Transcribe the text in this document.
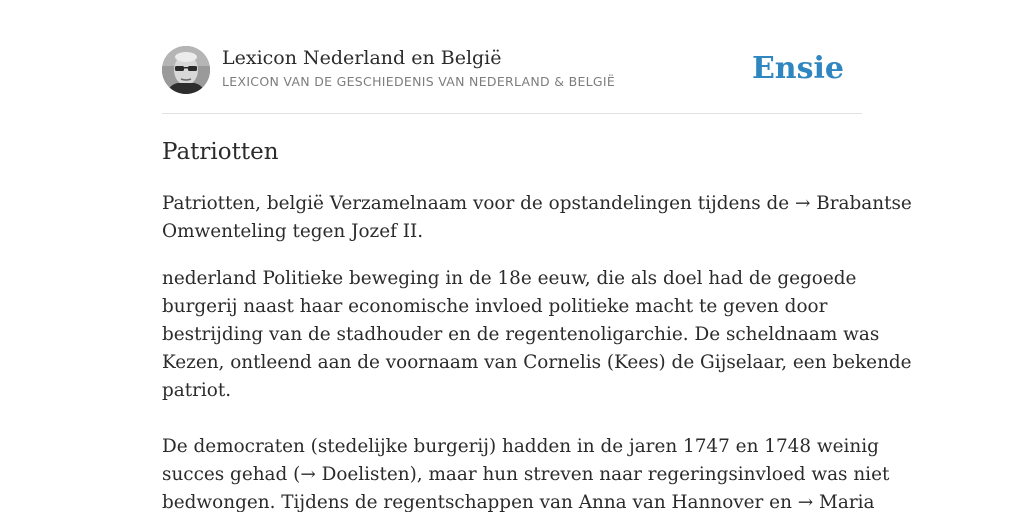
Lexicon Nederland en België
LEXICON VAN DE GESCHIEDENIS VAN NEDERLAND & BELGIË	Ensie
Patriotten

Patriotten, belgië Verzamelnaam voor de opstandelingen tijdens de → Brabantse
Omwenteling tegen Jozef II.

nederland Politieke beweging in de 18e eeuw, die als doel had de gegoede
burgerij naast haar economische invloed politieke macht te geven door
bestrijding van de stadhouder en de regentenoligarchie. De scheldnaam was
Kezen, ontleend aan de voornaam van Cornelis (Kees) de Gijselaar, een bekende
patriot.

De democraten (stedelijke burgerij) hadden in de jaren 1747 en 1748 weinig
succes gehad (→ Doelisten), maar hun streven naar regeringsinvloed was niet
bedwongen. Tijdens de regentschappen van Anna van Hannover en → Maria
